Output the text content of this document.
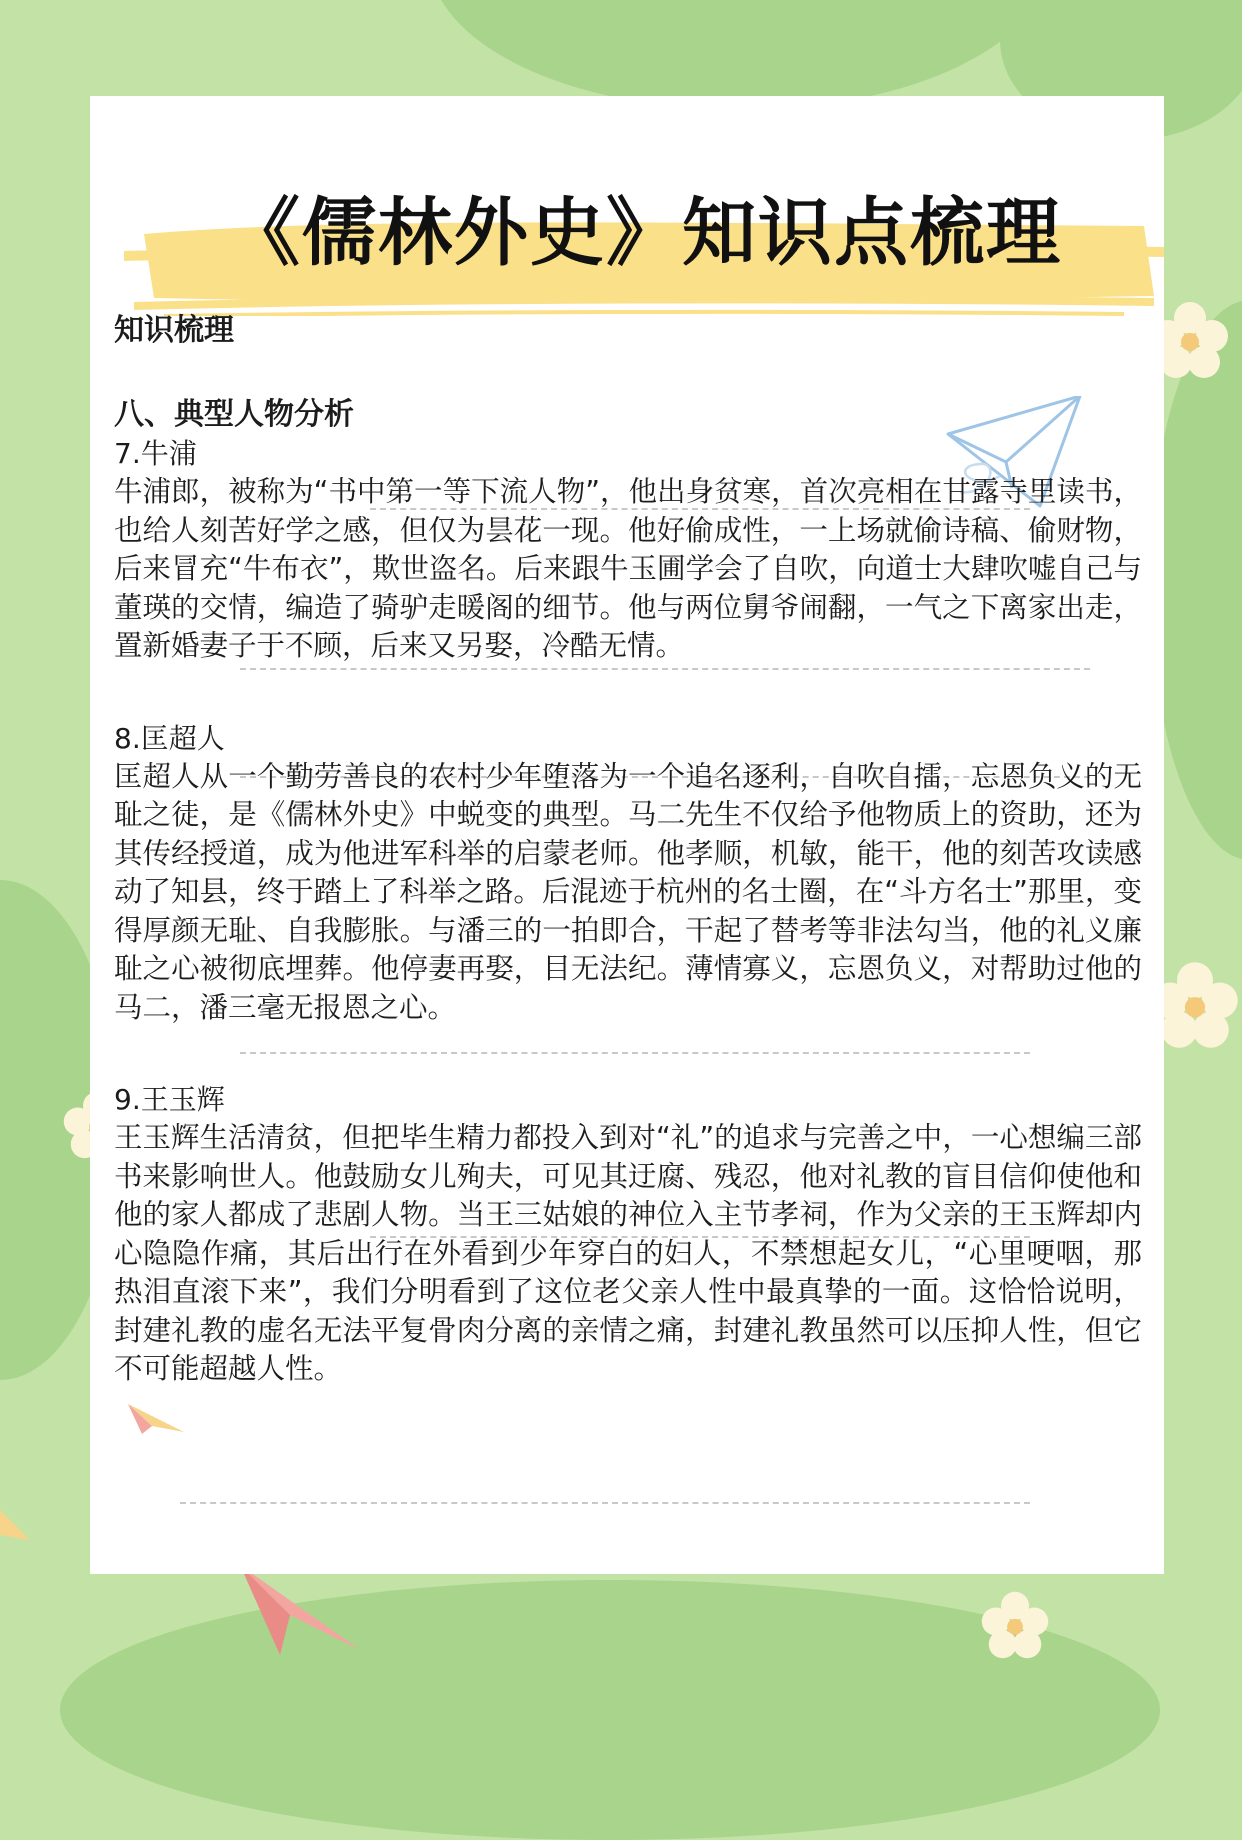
《儒林外史》知识点梳理

知识梳理

八、典型人物分析

7.牛浦

牛浦郎，被称为“书中第一等下流人物”，他出身贫寒，首次亮相在甘露寺里读书，也给人刻苦好学之感，但仅为昙花一现。他好偷成性，一上场就偷诗稿、偷财物，后来冒充“牛布衣”，欺世盗名。后来跟牛玉圃学会了自吹，向道士大肆吹嘘自己与董瑛的交情，编造了骑驴走暖阁的细节。他与两位舅爷闹翻，一气之下离家出走，置新婚妻子于不顾，后来又另娶，冷酷无情。

8.匡超人

匡超人从一个勤劳善良的农村少年堕落为一个追名逐利，自吹自擂，忘恩负义的无耻之徒，是《儒林外史》中蜕变的典型。马二先生不仅给予他物质上的资助，还为其传经授道，成为他进军科举的启蒙老师。他孝顺，机敏，能干，他的刻苦攻读感动了知县，终于踏上了科举之路。后混迹于杭州的名士圈，在“斗方名士”那里，变得厚颜无耻、自我膨胀。与潘三的一拍即合，干起了替考等非法勾当，他的礼义廉耻之心被彻底埋葬。他停妻再娶，目无法纪。薄情寡义，忘恩负义，对帮助过他的马二，潘三毫无报恩之心。

9.王玉辉

王玉辉生活清贫，但把毕生精力都投入到对“礼”的追求与完善之中，一心想编三部书来影响世人。他鼓励女儿殉夫，可见其迂腐、残忍，他对礼教的盲目信仰使他和他的家人都成了悲剧人物。当王三姑娘的神位入主节孝祠，作为父亲的王玉辉却内心隐隐作痛，其后出行在外看到少年穿白的妇人，不禁想起女儿，“心里哽咽，那热泪直滚下来”，我们分明看到了这位老父亲人性中最真挚的一面。这恰恰说明，封建礼教的虚名无法平复骨肉分离的亲情之痛，封建礼教虽然可以压抑人性，但它不可能超越人性。
